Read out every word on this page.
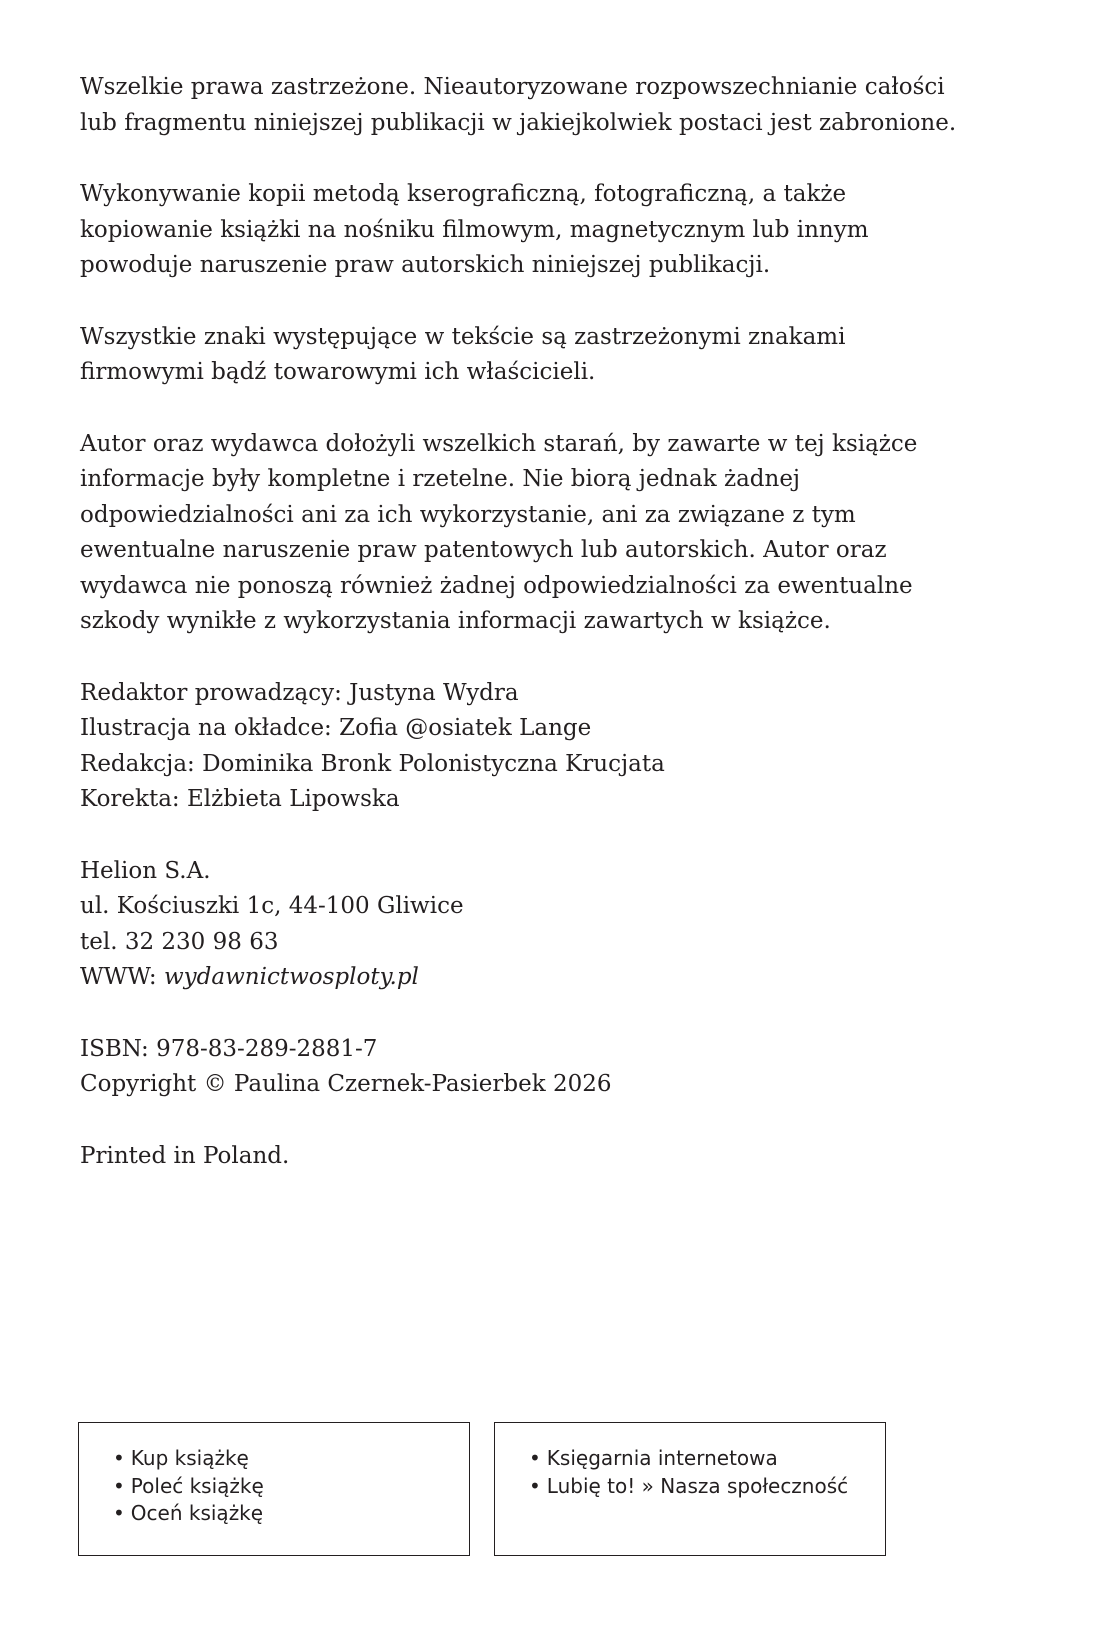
Wszelkie prawa zastrzeżone. Nieautoryzowane rozpowszechnianie całości
lub fragmentu niniejszej publikacji w jakiejkolwiek postaci jest zabronione.
Wykonywanie kopii metodą kserograficzną, fotograficzną, a także
kopiowanie książki na nośniku filmowym, magnetycznym lub innym
powoduje naruszenie praw autorskich niniejszej publikacji.
Wszystkie znaki występujące w tekście są zastrzeżonymi znakami
firmowymi bądź towarowymi ich właścicieli.
Autor oraz wydawca dołożyli wszelkich starań, by zawarte w tej książce
informacje były kompletne i rzetelne. Nie biorą jednak żadnej
odpowiedzialności ani za ich wykorzystanie, ani za związane z tym
ewentualne naruszenie praw patentowych lub autorskich. Autor oraz
wydawca nie ponoszą również żadnej odpowiedzialności za ewentualne
szkody wynikłe z wykorzystania informacji zawartych w książce.
Redaktor prowadzący: Justyna Wydra
Ilustracja na okładce: Zofia @osiatek Lange
Redakcja: Dominika Bronk Polonistyczna Krucjata
Korekta: Elżbieta Lipowska
Helion S.A.
ul. Kościuszki 1c, 44-100 Gliwice
tel. 32 230 98 63
WWW: wydawnictwosploty.pl
ISBN: 978-83-289-2881-7
Copyright © Paulina Czernek-Pasierbek 2026
Printed in Poland.
• Kup książkę
• Poleć książkę
• Oceń książkę
• Księgarnia internetowa
• Lubię to! » Nasza społeczność
